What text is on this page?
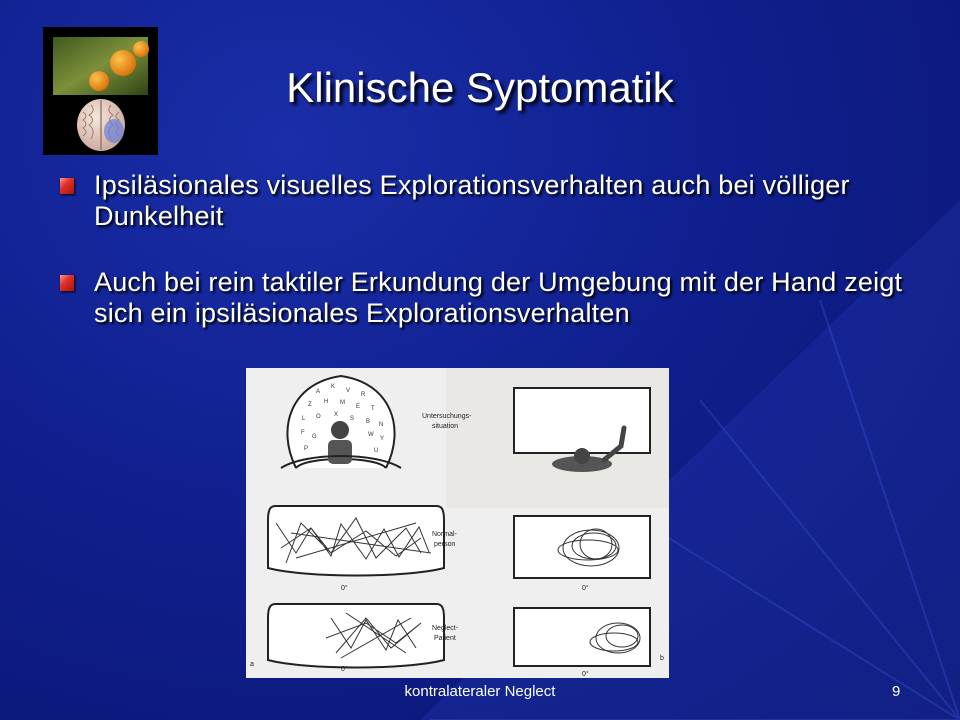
Klinische Syptomatik
Ipsiläsionales visuelles Explorationsverhalten auch bei völliger Dunkelheit
Auch bei rein taktiler Erkundung der Umgebung mit der Hand zeigt sich ein ipsiläsionales Explorationsverhalten
A
K
V
R
Z H M
E T
L O X
S B N
F
G	W
Y
P	U
Untersuchungs-
situation
0°
Normal-
person
0°
0°
a
Neglect-
Patient
0°
b
kontralateraler Neglect	9
